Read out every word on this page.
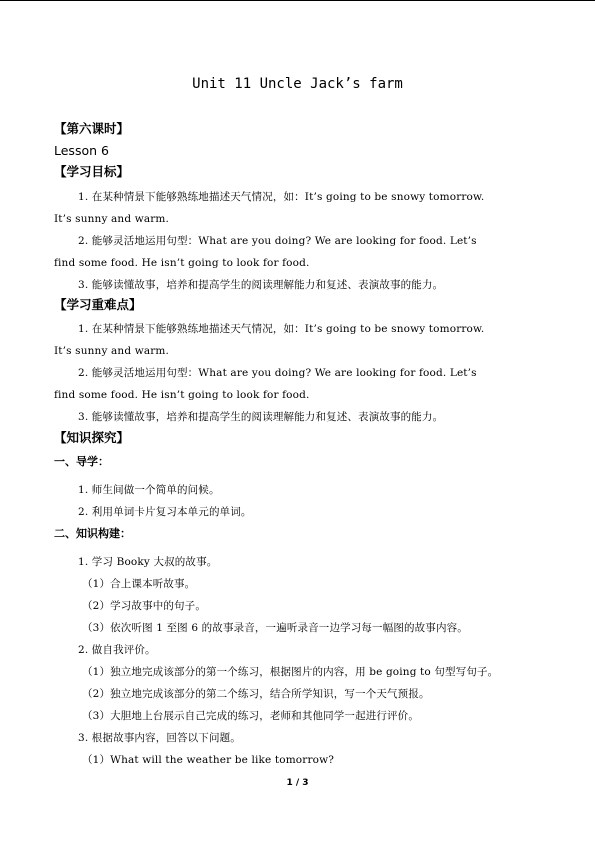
Unit 11 Uncle Jack’s farm
【第六课时】
Lesson 6
【学习目标】
1. 在某种情景下能够熟练地描述天气情况，如：It’s going to be snowy tomorrow.
It’s sunny and warm.
2. 能够灵活地运用句型：What are you doing? We are looking for food. Let’s
find some food. He isn’t going to look for food.
3. 能够读懂故事，培养和提高学生的阅读理解能力和复述、表演故事的能力。
【学习重难点】
1. 在某种情景下能够熟练地描述天气情况，如：It’s going to be snowy tomorrow.
It’s sunny and warm.
2. 能够灵活地运用句型：What are you doing? We are looking for food. Let’s
find some food. He isn’t going to look for food.
3. 能够读懂故事，培养和提高学生的阅读理解能力和复述、表演故事的能力。
【知识探究】
一、导学：
1. 师生间做一个简单的问候。
2. 利用单词卡片复习本单元的单词。
二、知识构建：
1. 学习 Booky 大叔的故事。
（1）合上课本听故事。
（2）学习故事中的句子。
（3）依次听图 1 至图 6 的故事录音，一遍听录音一边学习每一幅图的故事内容。
2. 做自我评价。
（1）独立地完成该部分的第一个练习，根据图片的内容，用 be going to 句型写句子。
（2）独立地完成该部分的第二个练习，结合所学知识，写一个天气预报。
（3）大胆地上台展示自己完成的练习，老师和其他同学一起进行评价。
3. 根据故事内容，回答以下问题。
（1）What will the weather be like tomorrow?
1 / 3
